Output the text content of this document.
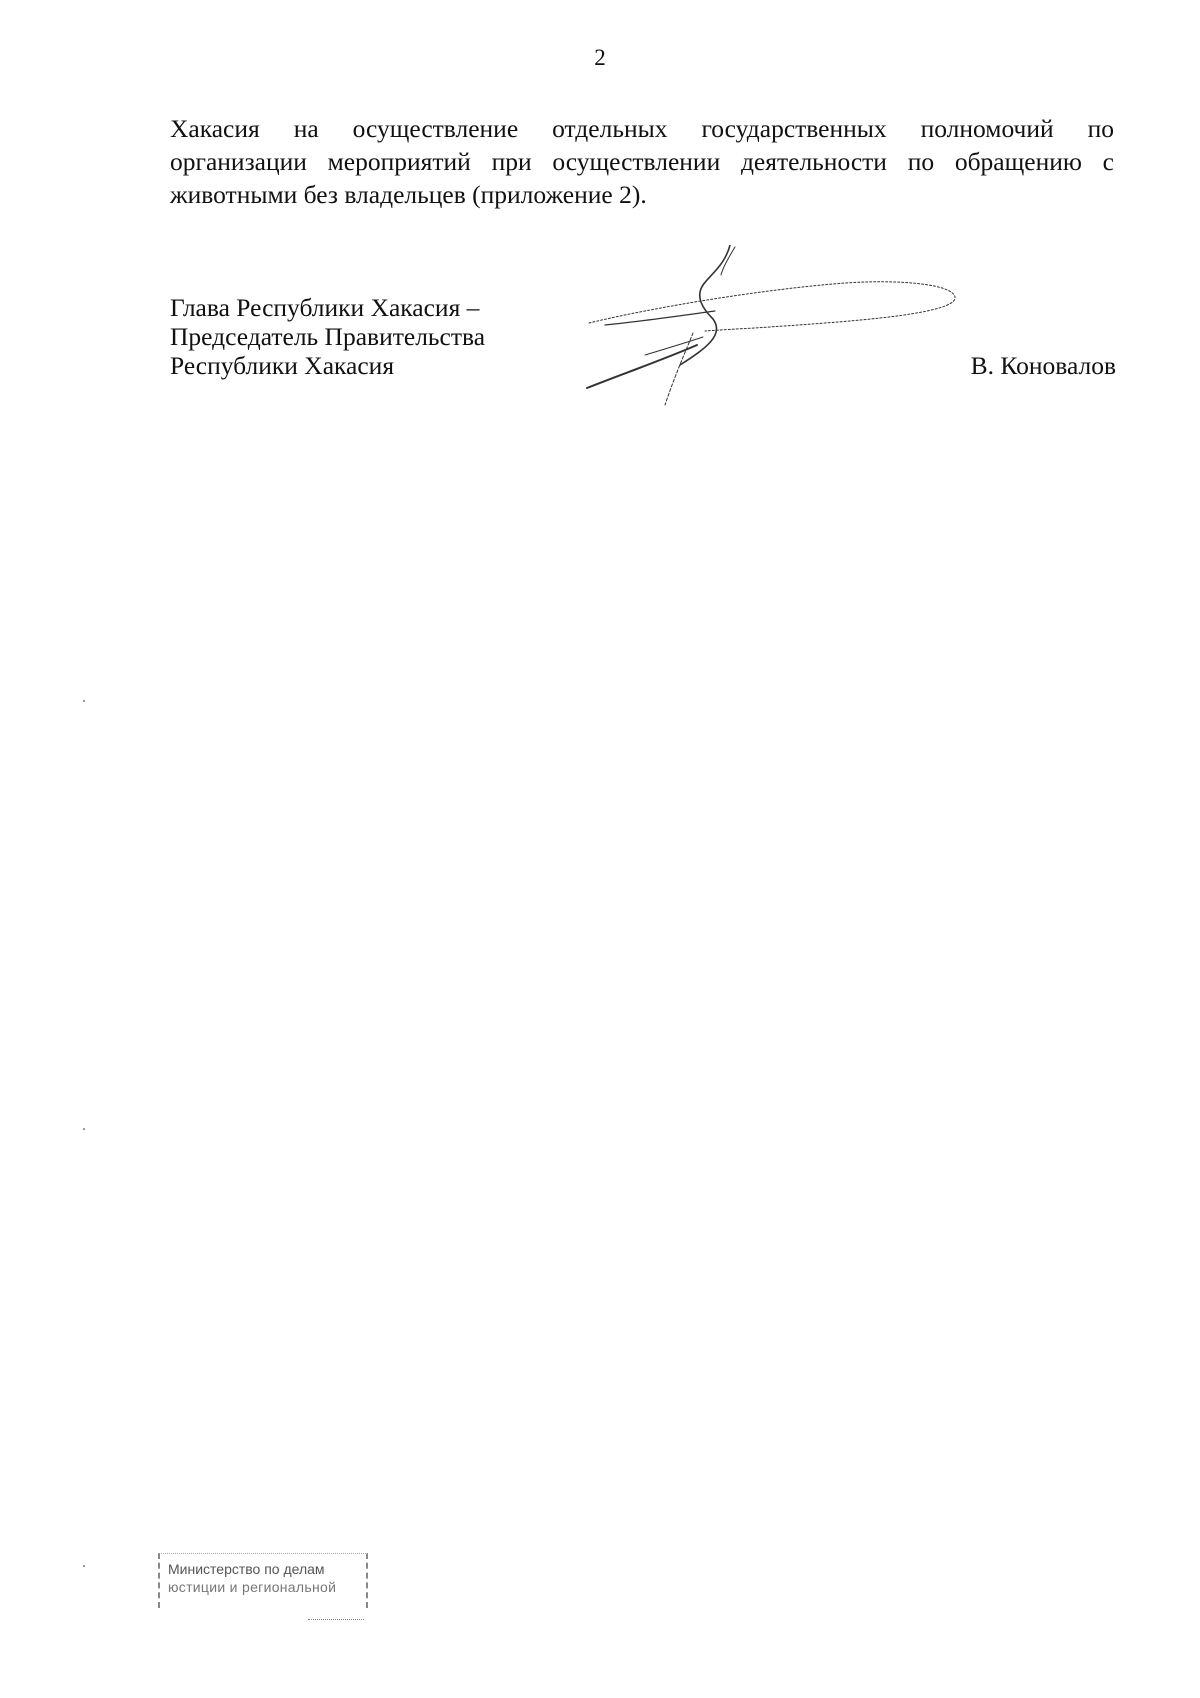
2
Хакасия на осуществление отдельных государственных полномочий по
организации мероприятий при осуществлении деятельности по обращению с
животными без владельцев (приложение 2).
Глава Республики Хакасия –
Председатель Правительства
Республики Хакасия	В. Коновалов
Министерство по делам
юстиции и региональной
